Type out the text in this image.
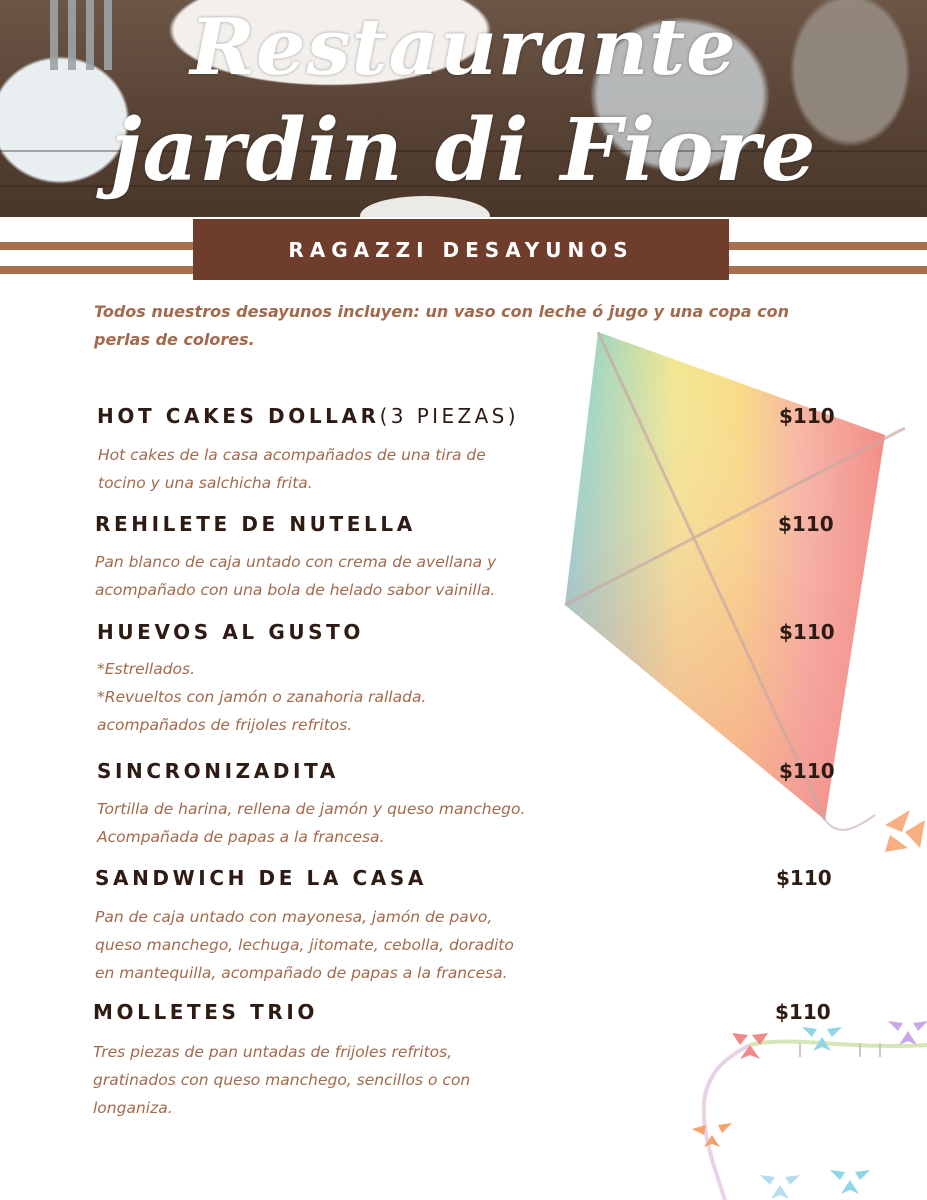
Restaurante
jardin di Fiore
RAGAZZI DESAYUNOS
Todos nuestros desayunos incluyen: un vaso con leche ó jugo y una copa con
perlas de colores.
HOT CAKES DOLLAR(3 PIEZAS)	$110
Hot cakes de la casa acompañados de una tira de
tocino y una salchicha frita.
REHILETE DE NUTELLA	$110
Pan blanco de caja untado con crema de avellana y
acompañado con una bola de helado sabor vainilla.
HUEVOS AL GUSTO	$110
*Estrellados.
*Revueltos con jamón o zanahoria rallada.
acompañados de frijoles refritos.
SINCRONIZADITA	$110
Tortilla de harina, rellena de jamón y queso manchego.
Acompañada de papas a la francesa.
SANDWICH DE LA CASA	$110
Pan de caja untado con mayonesa, jamón de pavo,
queso manchego, lechuga, jitomate, cebolla, doradito
en mantequilla, acompañado de papas a la francesa.
MOLLETES TRIO	$110
Tres piezas de pan untadas de frijoles refritos,
gratinados con queso manchego, sencillos o con
longaniza.
